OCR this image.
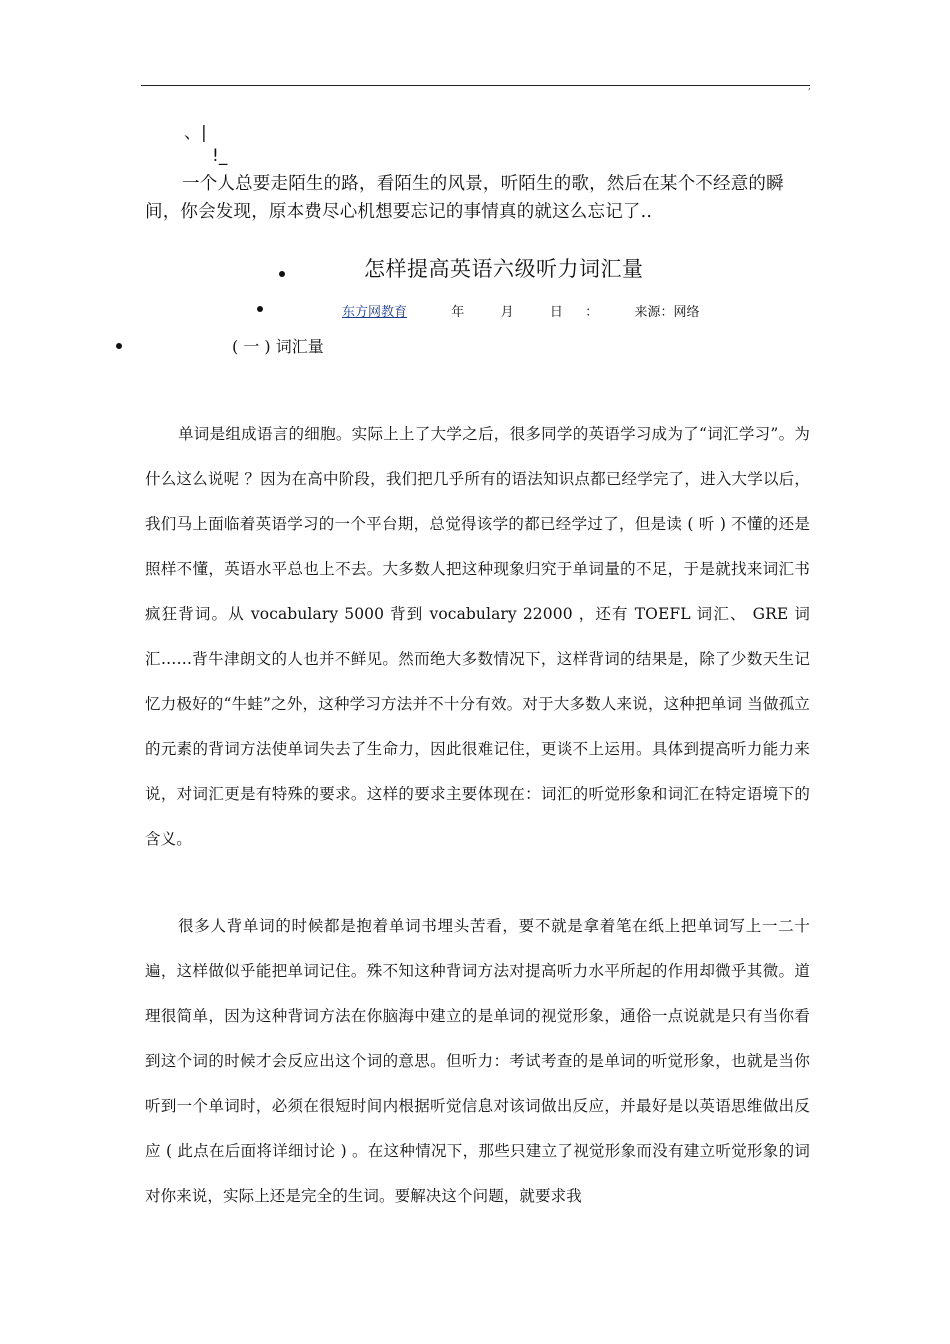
,
、|
!_
一个人总要走陌生的路，看陌生的风景，听陌生的歌，然后在某个不经意的瞬间，你会发现，原本费尽心机想要忘记的事情真的就这么忘记了..
怎样提高英语六级听力词汇量
东方网教育	年	月	日 ：	来源：网络
( 一 ) 词汇量
单词是组成语言的细胞。实际上上了大学之后，很多同学的英语学习成为了“词汇学习”。为什么这么说呢 ？因为在高中阶段，我们把几乎所有的语法知识点都已经学完了，进入大学以后，我们马上面临着英语学习的一个平台期，总觉得该学的都已经学过了，但是读 ( 听 ) 不懂的还是照样不懂，英语水平总也上不去。大多数人把这种现象归究于单词量的不足，于是就找来词汇书疯狂背词。从 vocabulary 5000 背到 vocabulary 22000 ，还有 TOEFL 词汇、 GRE 词汇……背牛津朗文的人也并不鲜见。然而绝大多数情况下，这样背词的结果是，除了少数天生记忆力极好的“牛蛙”之外，这种学习方法并不十分有效。对于大多数人来说，这种把单词 当做孤立的元素的背词方法使单词失去了生命力，因此很难记住，更谈不上运用。具体到提高听力能力来说，对词汇更是有特殊的要求。这样的要求主要体现在：词汇的听觉形象和词汇在特定语境下的含义。
很多人背单词的时候都是抱着单词书埋头苦看，要不就是拿着笔在纸上把单词写上一二十遍，这样做似乎能把单词记住。殊不知这种背词方法对提高听力水平所起的作用却微乎其微。道理很简单，因为这种背词方法在你脑海中建立的是单词的视觉形象，通俗一点说就是只有当你看到这个词的时候才会反应出这个词的意思。但听力：考试考查的是单词的听觉形象，也就是当你听到一个单词时，必须在很短时间内根据听觉信息对该词做出反应，并最好是以英语思维做出反应 ( 此点在后面将详细讨论 ) 。在这种情况下，那些只建立了视觉形象而没有建立听觉形象的词对你来说，实际上还是完全的生词。要解决这个问题，就要求我
